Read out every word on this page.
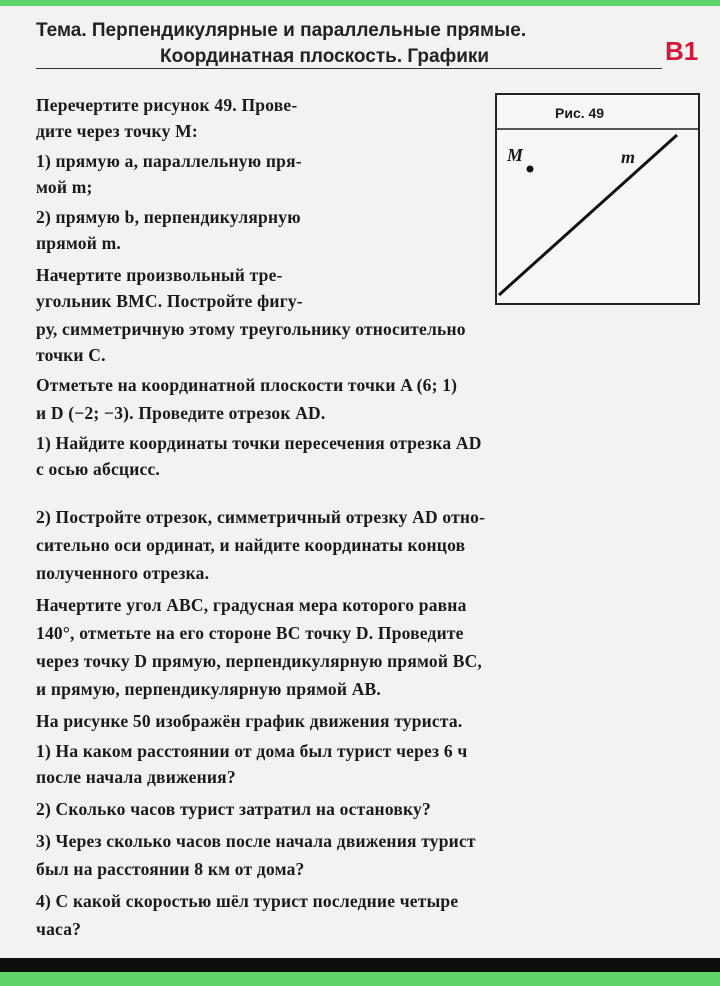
Тема. Перпендикулярные и параллельные прямые.
Координатная плоскость. Графики	B1
Рис. 49
M	m
Перечертите рисунок 49. Прове-
дите через точку M:
1) прямую a, параллельную пря-
мой m;
2) прямую b, перпендикулярную
прямой m.
Начертите произвольный тре-
угольник BMC. Постройте фигу-
ру, симметричную этому треугольнику относительно
точки C.
Отметьте на координатной плоскости точки A (6; 1)
и D (−2; −3). Проведите отрезок AD.
1) Найдите координаты точки пересечения отрезка AD
с осью абсцисс.
2) Постройте отрезок, симметричный отрезку AD отно-
сительно оси ординат, и найдите координаты концов
полученного отрезка.
Начертите угол ABC, градусная мера которого равна
140°, отметьте на его стороне BC точку D. Проведите
через точку D прямую, перпендикулярную прямой BC,
и прямую, перпендикулярную прямой AB.
На рисунке 50 изображён график движения туриста.
1) На каком расстоянии от дома был турист через 6 ч
после начала движения?
2) Сколько часов турист затратил на остановку?
3) Через сколько часов после начала движения турист
был на расстоянии 8 км от дома?
4) С какой скоростью шёл турист последние четыре
часа?
